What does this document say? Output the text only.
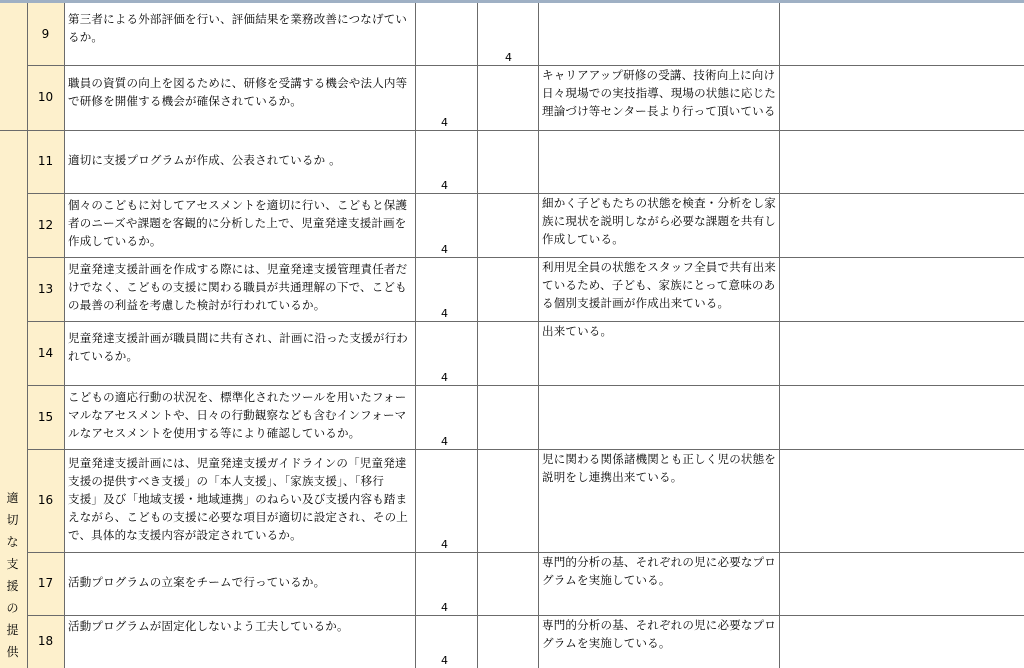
適
切
な
支
援
の
提
供
9
第三者による外部評価を行い、評価結果を業務改善につなげてい
るか。
4
10
職員の資質の向上を図るために、研修を受講する機会や法人内等
で研修を開催する機会が確保されているか。
4
キャリアアップ研修の受講、技術向上に向け
日々現場での実技指導、現場の状態に応じた
理論づけ等センター長より行って頂いている
11	適切に支援プログラムが作成、公表されているか 。
4
12
個々のこどもに対してアセスメントを適切に行い、こどもと保護
者のニーズや課題を客観的に分析した上で、児童発達支援計画を
作成しているか。
4
細かく子どもたちの状態を検査・分析をし家
族に現状を説明しながら必要な課題を共有し
作成している。
13
児童発達支援計画を作成する際には、児童発達支援管理責任者だ
けでなく、こどもの支援に関わる職員が共通理解の下で、こども
の最善の利益を考慮した検討が行われているか。
4
利用児全員の状態をスタッフ全員で共有出来
ているため、子ども、家族にとって意味のあ
る個別支援計画が作成出来ている。
14
児童発達支援計画が職員間に共有され、計画に沿った支援が行わ
れているか。
4
出来ている。
15
こどもの適応行動の状況を、標準化されたツールを用いたフォー
マルなアセスメントや、日々の行動観察なども含むインフォーマ
ルなアセスメントを使用する等により確認しているか。
4
16
児童発達支援計画には、児童発達支援ガイドラインの「児童発達
支援の提供すべき支援」の「本人支援」、「家族支援」、「移行
支援」及び「地域支援・地域連携」のねらい及び支援内容も踏ま
えながら、こどもの支援に必要な項目が適切に設定され、その上
で、具体的な支援内容が設定されているか。
4
児に関わる関係諸機関とも正しく児の状態を
説明をし連携出来ている。
17	活動プログラムの立案をチームで行っているか。
4
専門的分析の基、それぞれの児に必要なプロ
グラムを実施している。
18
活動プログラムが固定化しないよう工夫しているか。
4
専門的分析の基、それぞれの児に必要なプロ
グラムを実施している。
